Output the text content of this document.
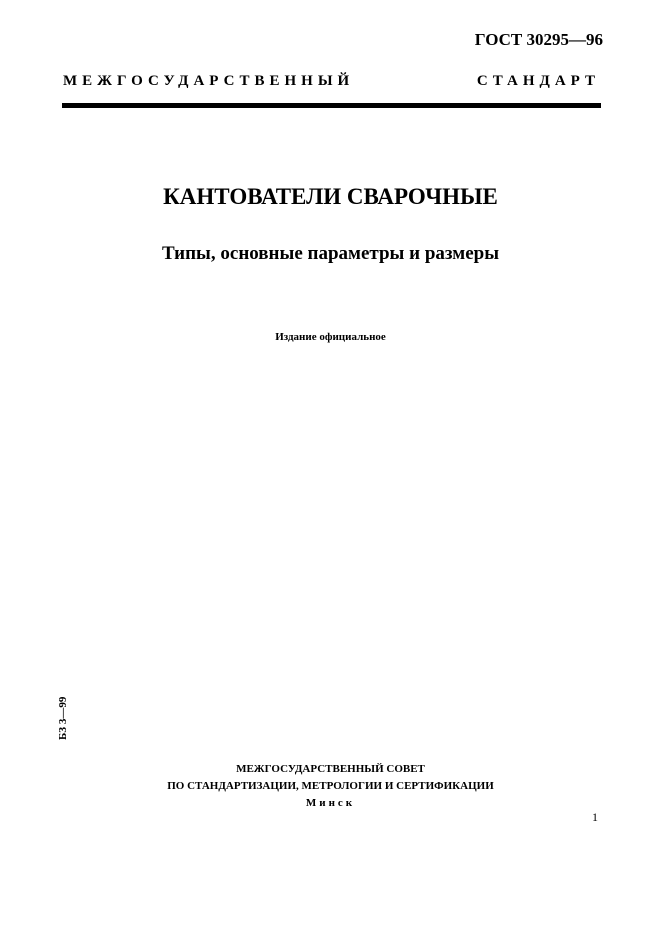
ГОСТ 30295—96
МЕЖГОСУДАРСТВЕННЫЙ СТАНДАРТ
КАНТОВАТЕЛИ СВАРОЧНЫЕ
Типы, основные параметры и размеры
Издание официальное
БЗ 3—99
МЕЖГОСУДАРСТВЕННЫЙ СОВЕТ
ПО СТАНДАРТИЗАЦИИ, МЕТРОЛОГИИ И СЕРТИФИКАЦИИ
Минск
1
